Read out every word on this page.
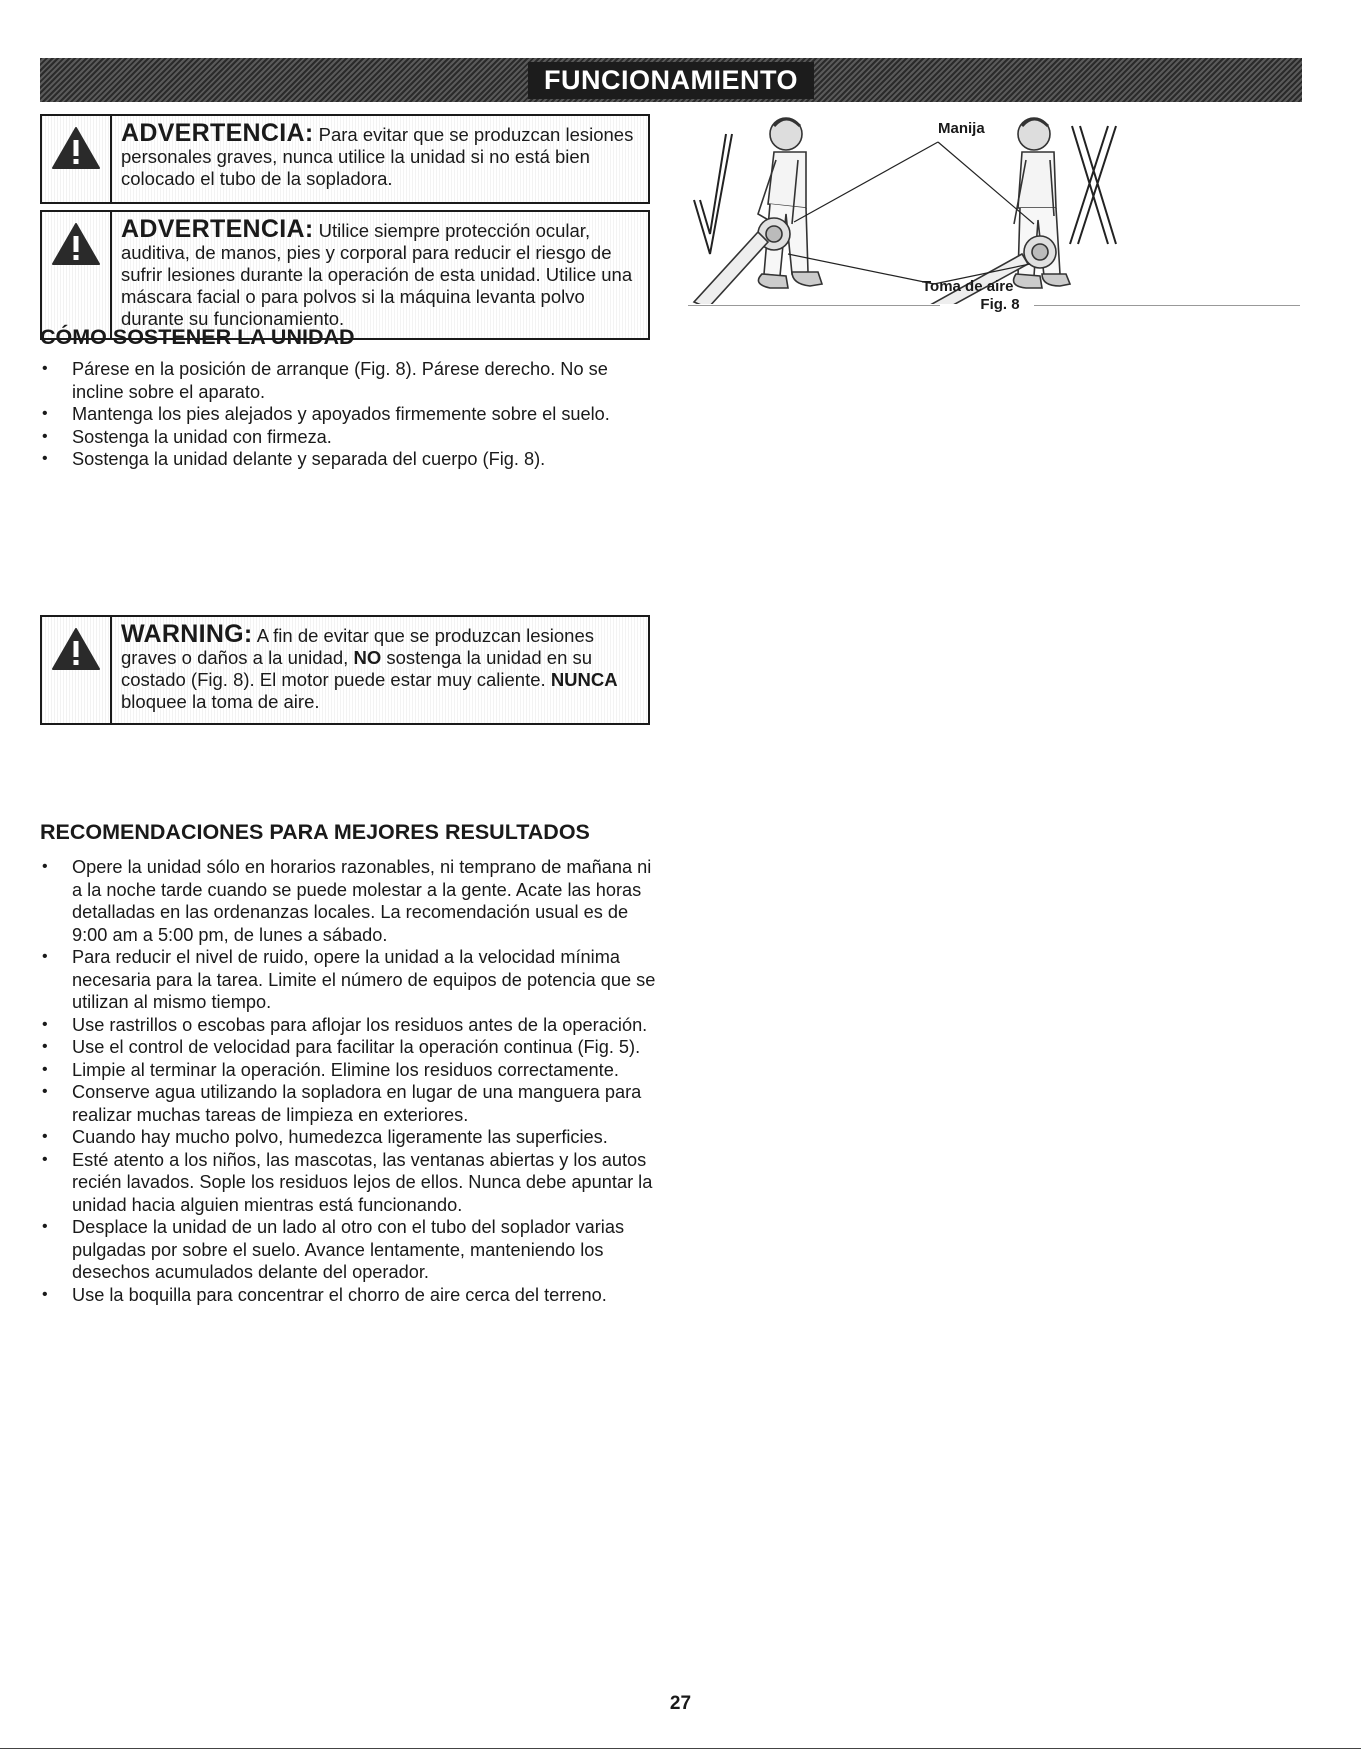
FUNCIONAMIENTO
ADVERTENCIA: Para evitar que se produzcan lesiones personales graves, nunca utilice la unidad si no está bien colocado el tubo de la sopladora.
ADVERTENCIA: Utilice siempre protección ocular, auditiva, de manos, pies y corporal para reducir el riesgo de sufrir lesiones durante la operación de esta unidad. Utilice una máscara facial o para polvos si la máquina levanta polvo durante su funcionamiento.
Manija
Toma de aire
Fig. 8
CÓMO SOSTENER LA UNIDAD
• Párese en la posición de arranque (Fig. 8). Párese derecho. No se incline sobre el aparato.
• Mantenga los pies alejados y apoyados firmemente sobre el suelo.
• Sostenga la unidad con firmeza.
• Sostenga la unidad delante y separada del cuerpo (Fig. 8).
WARNING: A fin de evitar que se produzcan lesiones graves o daños a la unidad, NO sostenga la unidad en su costado (Fig. 8). El motor puede estar muy caliente. NUNCA bloquee la toma de aire.
RECOMENDACIONES PARA MEJORES RESULTADOS
• Opere la unidad sólo en horarios razonables, ni temprano de mañana ni a la noche tarde cuando se puede molestar a la gente. Acate las horas detalladas en las ordenanzas locales. La recomendación usual es de 9:00 am a 5:00 pm, de lunes a sábado.
• Para reducir el nivel de ruido, opere la unidad a la velocidad mínima necesaria para la tarea. Limite el número de equipos de potencia que se utilizan al mismo tiempo.
• Use rastrillos o escobas para aflojar los residuos antes de la operación.
• Use el control de velocidad para facilitar la operación continua (Fig. 5).
• Limpie al terminar la operación. Elimine los residuos correctamente.
• Conserve agua utilizando la sopladora en lugar de una manguera para realizar muchas tareas de limpieza en exteriores.
• Cuando hay mucho polvo, humedezca ligeramente las superficies.
• Esté atento a los niños, las mascotas, las ventanas abiertas y los autos recién lavados. Sople los residuos lejos de ellos. Nunca debe apuntar la unidad hacia alguien mientras está funcionando.
• Desplace la unidad de un lado al otro con el tubo del soplador varias pulgadas por sobre el suelo. Avance lentamente, manteniendo los desechos acumulados delante del operador.
• Use la boquilla para concentrar el chorro de aire cerca del terreno.
27
